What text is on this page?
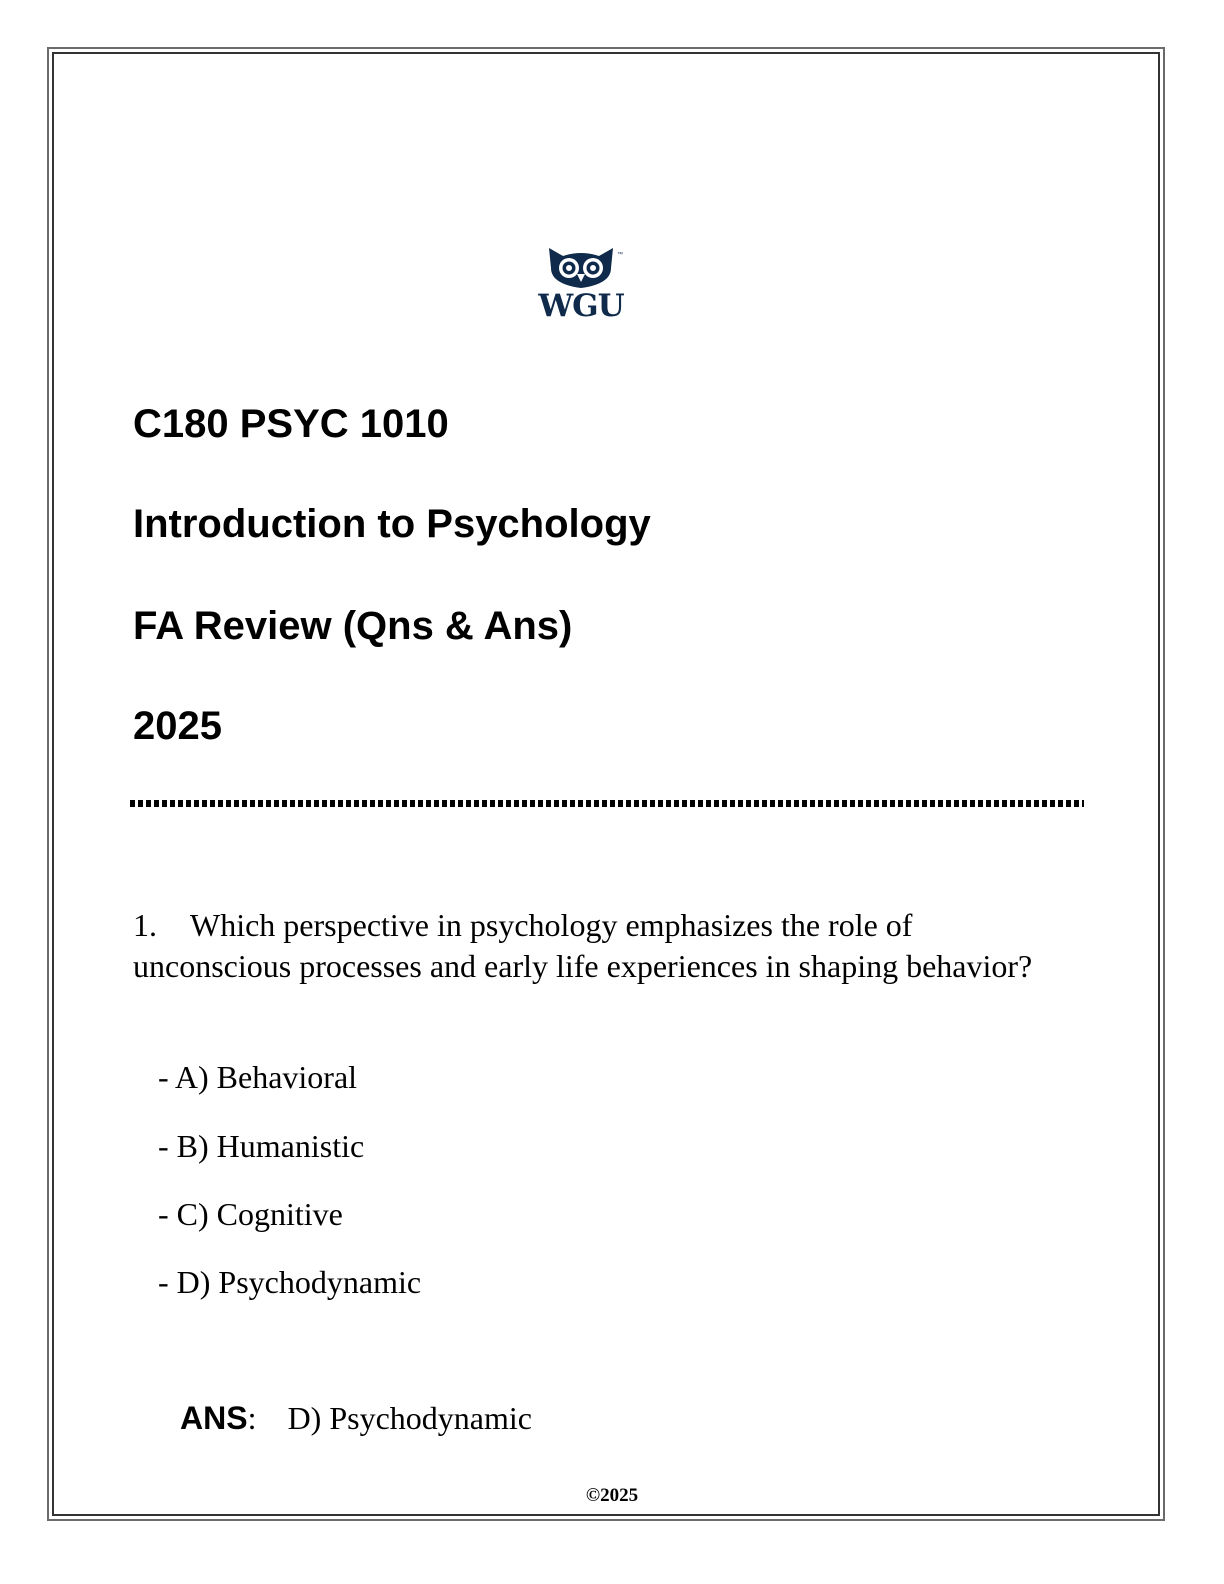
™
WGU
C180 PSYC 1010
Introduction to Psychology
FA Review (Qns & Ans)
2025

1. Which perspective in psychology emphasizes the role of unconscious processes and early life experiences in shaping behavior?

- A) Behavioral
- B) Humanistic
- C) Cognitive
- D) Psychodynamic
ANS: D) Psychodynamic
©2025
